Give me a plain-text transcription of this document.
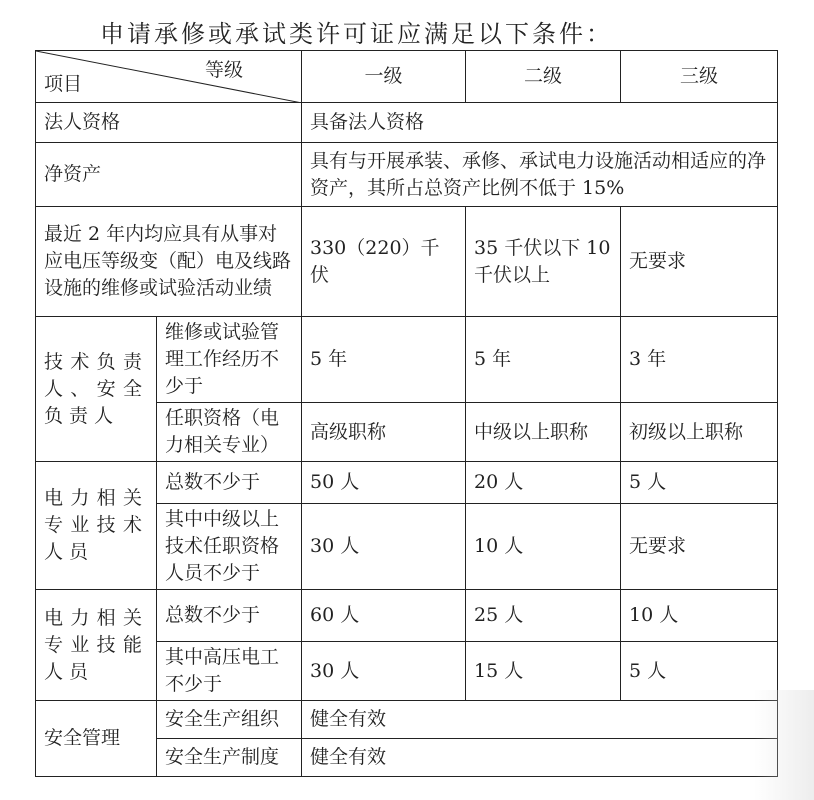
申请承修或承试类许可证应满足以下条件：
等级
项目		一级	二级	三级
法人资格		具备法人资格		
净资产		具有与开展承装、承修、承试电力设施活动相适应的净资产，其所占总资产比例不低于 15%		
最近 2 年内均应具有从事对应电压等级变（配）电及线路设施的维修或试验活动业绩		330（220）千伏	35 千伏以下 10 千伏以上	无要求
技术负责人、安全负责人	维修或试验管理工作经历不少于	5 年	5 年	3 年
	任职资格（电力相关专业）	高级职称	中级以上职称	初级以上职称
电力相关专业技术人员	总数不少于	50 人	20 人	5 人
	其中中级以上技术任职资格人员不少于	30 人	10 人	无要求
电力相关专业技能人员	总数不少于	60 人	25 人	10 人
	其中高压电工不少于	30 人	15 人	5 人
安全管理	安全生产组织	健全有效		
	安全生产制度	健全有效		
